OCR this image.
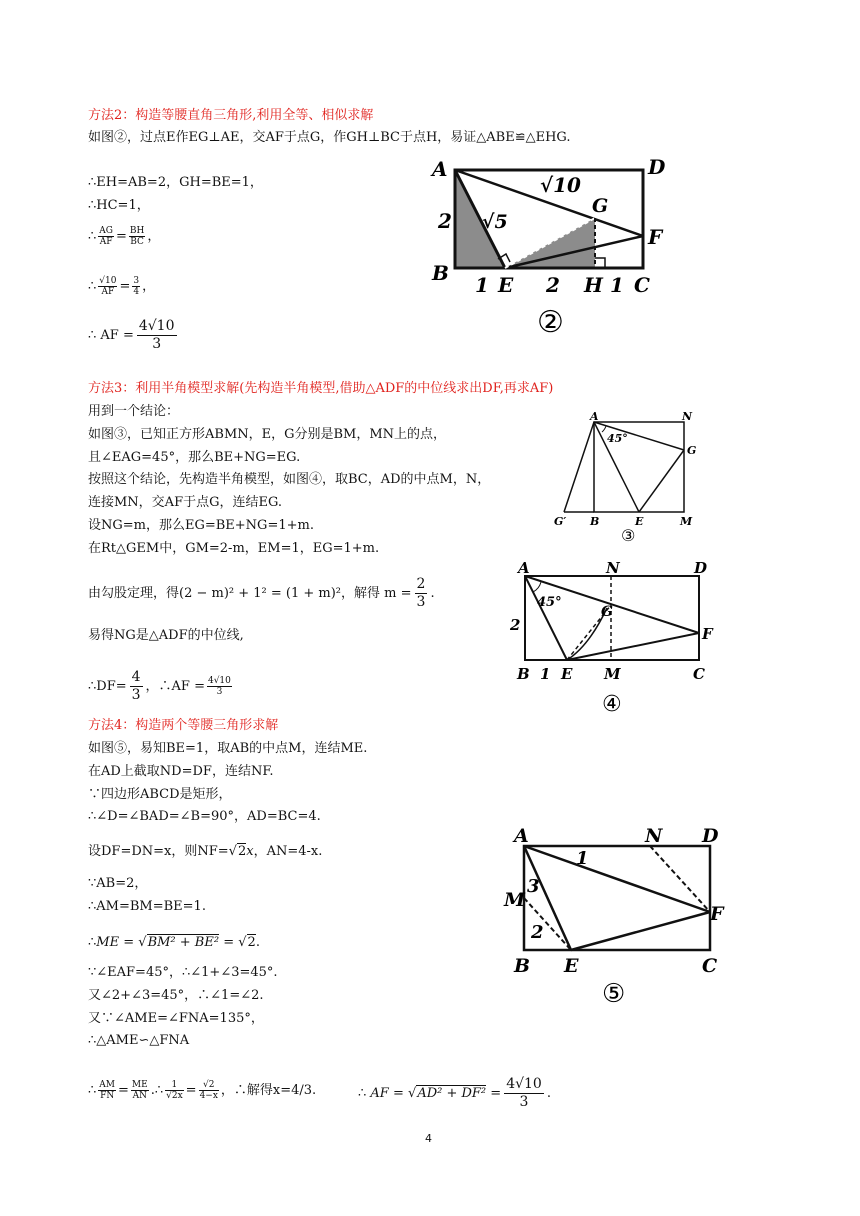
方法2：构造等腰直角三角形,利用全等、相似求解
如图②，过点E作EG⊥AE，交AF于点G，作GH⊥BC于点H，易证△ABE≌△EHG.
∴EH=AB=2，GH=BE=1，
∴HC=1，
∴ $\frac{AG}{AF} = \frac{BH}{BC}$ ，
∴ $\frac{√10}{AF} = \frac{3}{4}$ ，
∴ AF = $\frac{4√10}{3}$
A	D
F
G
B
2
√10
√5
1 E 2 H 1 C
②
方法3：利用半角模型求解(先构造半角模型,借助△ADF的中位线求出DF,再求AF)
用到一个结论：
如图③，已知正方形ABMN，E，G分别是BM，MN上的点，
且∠EAG=45°，那么BE+NG=EG.
按照这个结论，先构造半角模型，如图④，取BC，AD的中点M，N，
连接MN，交AF于点G，连结EG.
设NG=m，那么EG=BE+NG=1+m.
在Rt△GEM中，GM=2-m，EM=1，EG=1+m.
由勾股定理，得(2 − m)² + 1² = (1 + m)²，解得 $m = \frac{2}{3}$ .
易得NG是△ADF的中位线,
∴DF= $\frac{4}{3}$ ，∴AF = $\frac{4√10}{3}$
A	N
G
G′ B	E	M
45°
③
A	N	D
G
F
45°
2
B 1 E M	C
④
方法4：构造两个等腰三角形求解
如图⑤，易知BE=1，取AB的中点M，连结ME.
在AD上截取ND=DF，连结NF.
∵四边形ABCD是矩形，
∴∠D=∠BAD=∠B=90°，AD=BC=4.
设DF=DN=x，则NF=√2x，AN=4-x.
∵AB=2，
∴AM=BM=BE=1.
∴ME = √BM² + BE² = √2.
∵∠EAF=45°，∴∠1+∠3=45°.
又∠2+∠3=45°，∴∠1=∠2.
又∵∠AME=∠FNA=135°，
∴△AME∽△FNA
∴ $\frac{AM}{FN} = \frac{ME}{AN}$ .∴ $\frac{1}{√2x} = \frac{√2}{4-x}$ ，∴解得x=4/3.	∴ AF = $√AD^2 + DF^2 = \frac{4√10}{3}$ .
A	N D
1
3
M
2
F
B E	C
⑤
4
